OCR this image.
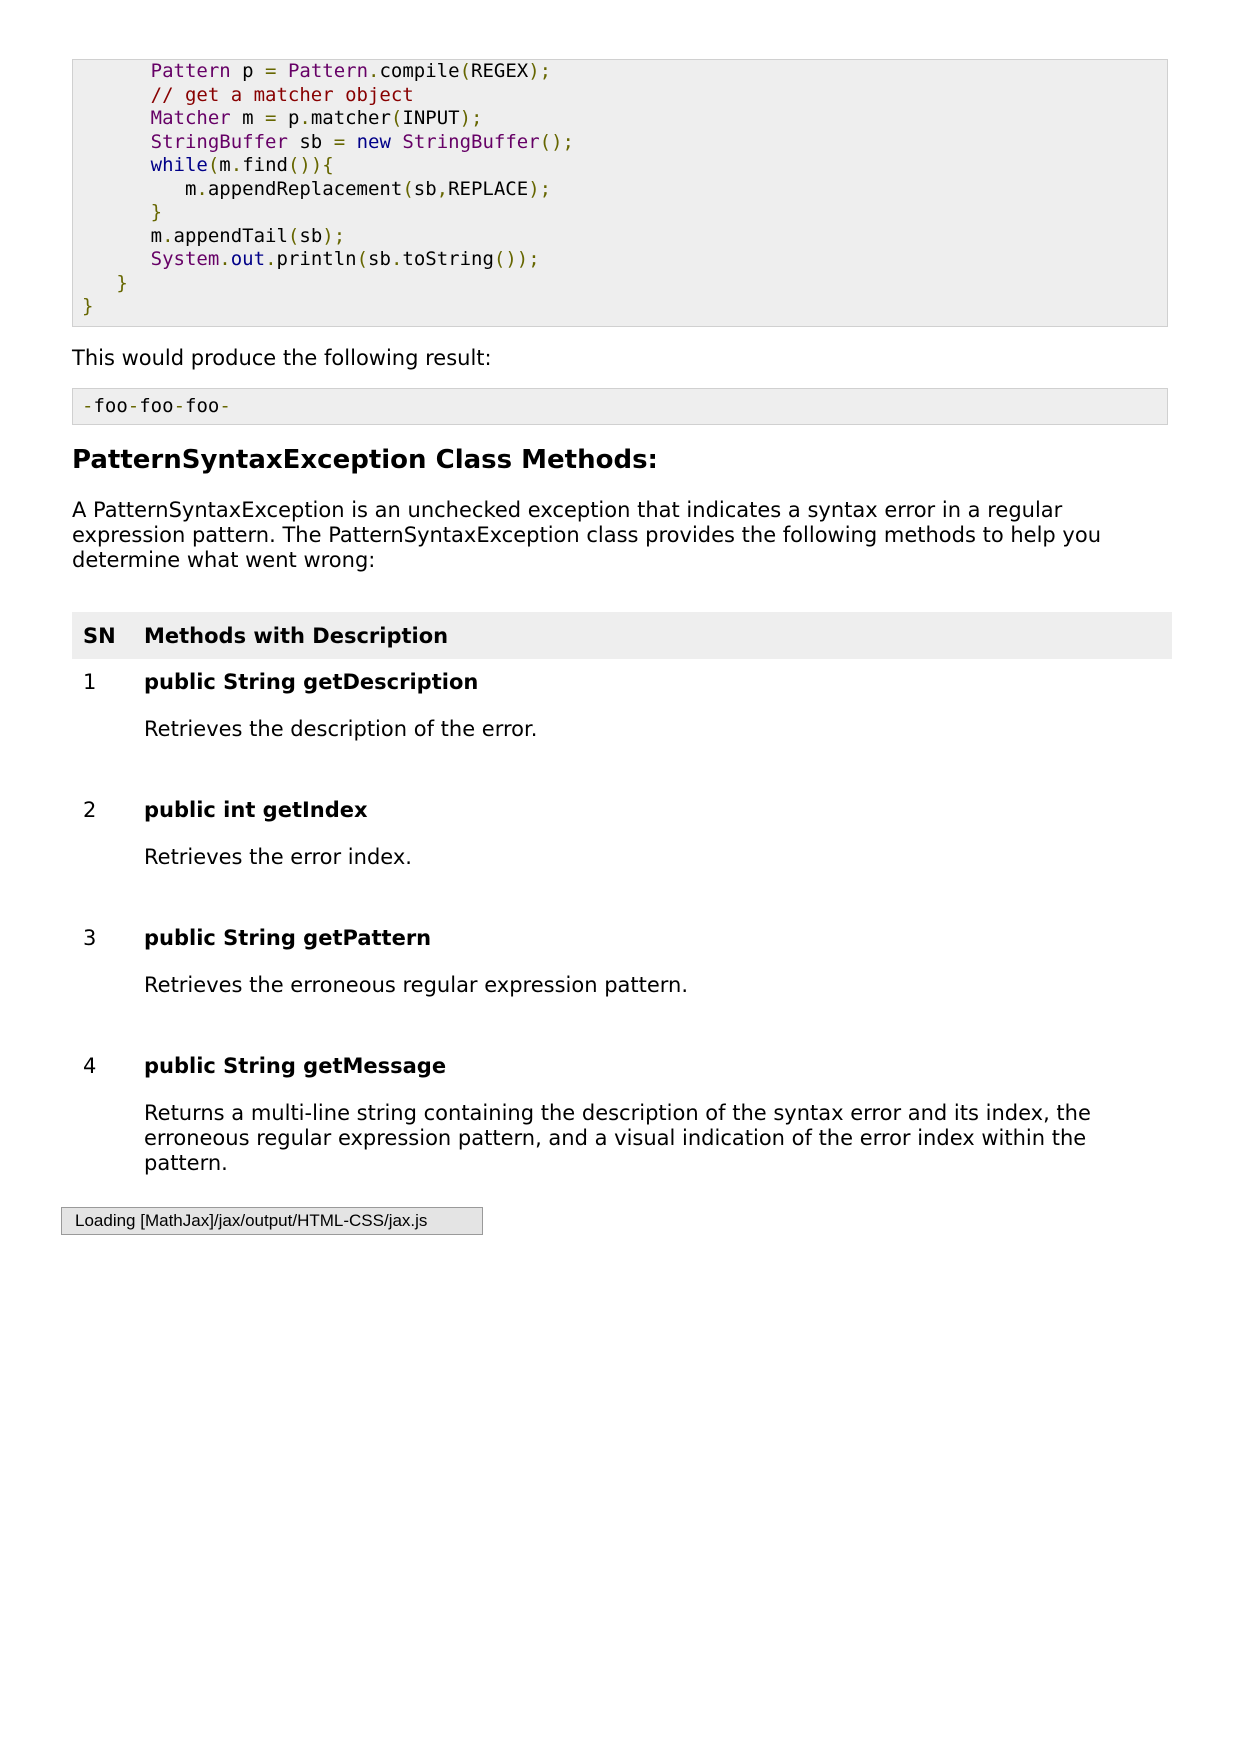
Pattern p = Pattern.compile(REGEX);
// get a matcher object
Matcher m = p.matcher(INPUT);
StringBuffer sb = new StringBuffer();
while(m.find()){
m.appendReplacement(sb,REPLACE);
}
m.appendTail(sb);
System.out.println(sb.toString());
}
}

This would produce the following result:

-foo-foo-foo-
PatternSyntaxException Class Methods:

A PatternSyntaxException is an unchecked exception that indicates a syntax error in a regular expression pattern. The PatternSyntaxException class provides the following methods to help you determine what went wrong:

SN	Methods with Description
1	public String getDescription
Retrieves the description of the error.

2	public int getIndex
Retrieves the error index.

3	public String getPattern
Retrieves the erroneous regular expression pattern.

4	public String getMessage
Returns a multi-line string containing the description of the syntax error and its index, the erroneous regular expression pattern, and a visual indication of the error index within the pattern.
Loading [MathJax]/jax/output/HTML-CSS/jax.js
